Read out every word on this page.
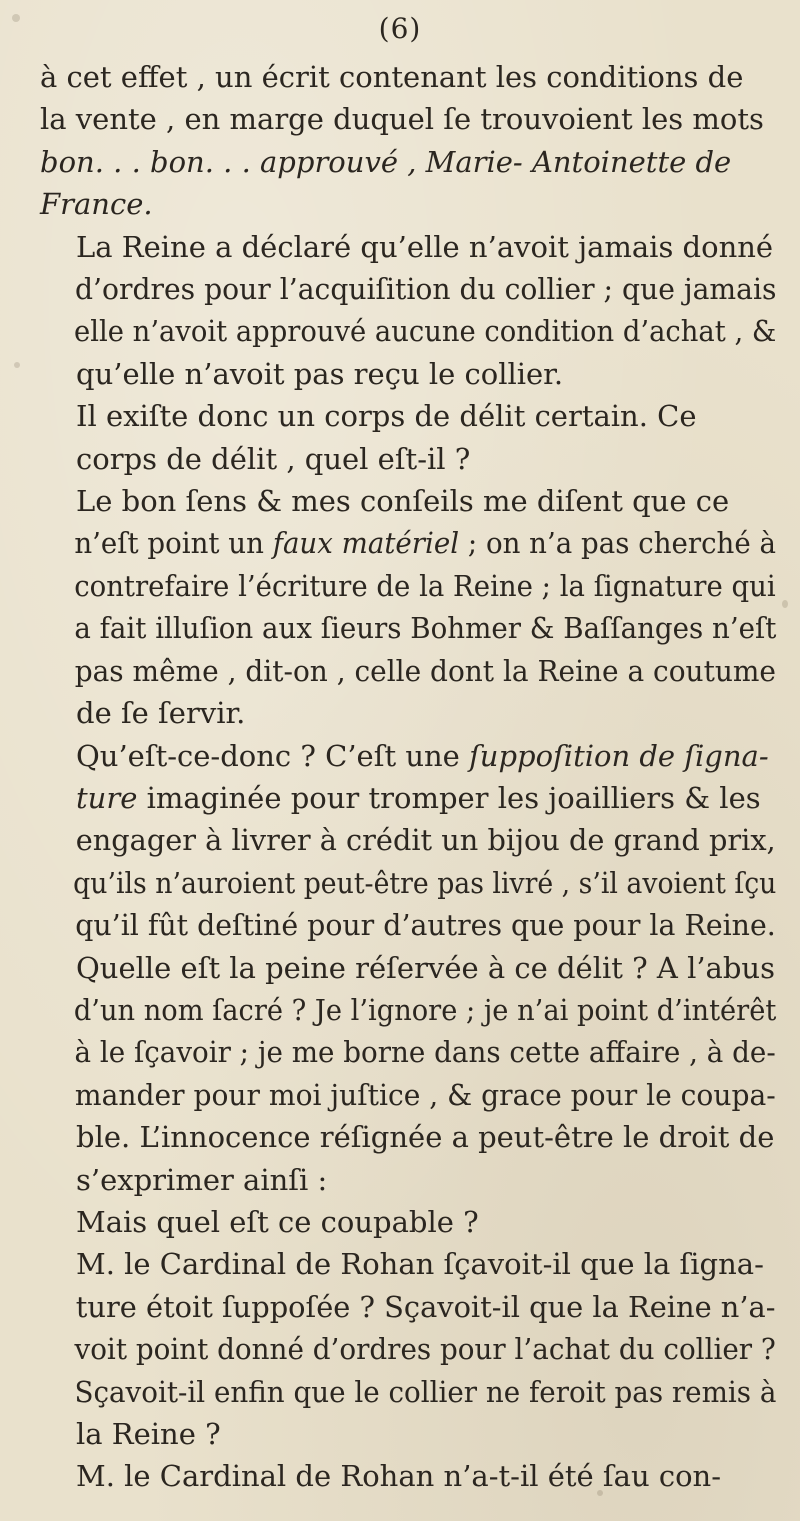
(6)

à cet effet , un écrit contenant les conditions de
la vente , en marge duquel ſe trouvoient les mots
bon. . . bon. . . approuvé , Marie- Antoinette de
France.

La Reine a déclaré qu’elle n’avoit jamais donné
d’ordres pour l’acquiſition du collier ; que jamais
elle n’avoit approuvé aucune condition d’achat , &
qu’elle n’avoit pas reçu le collier.

Il exiſte donc un corps de délit certain. Ce
corps de délit , quel eſt-il ?

Le bon ſens & mes conſeils me diſent que ce
n’eſt point un faux matériel ; on n’a pas cherché à
contrefaire l’écriture de la Reine ; la ſignature qui
a fait illuſion aux ſieurs Bohmer & Baſſanges n’eſt
pas même , dit-on , celle dont la Reine a coutume
de ſe ſervir.

Qu’eſt-ce-donc ? C’eſt une ſuppoſition de ſigna-
ture imaginée pour tromper les joailliers & les
engager à livrer à crédit un bijou de grand prix,
qu’ils n’auroient peut-être pas livré , s’il avoient ſçu
qu’il fût deſtiné pour d’autres que pour la Reine.

Quelle eſt la peine réſervée à ce délit ? A l’abus
d’un nom ſacré ? Je l’ignore ; je n’ai point d’intérêt
à le ſçavoir ; je me borne dans cette affaire , à de-
mander pour moi juſtice , & grace pour le coupa-
ble. L’innocence réſignée a peut-être le droit de
s’exprimer ainſi :

Mais quel eſt ce coupable ?

M. le Cardinal de Rohan ſçavoit-il que la ſigna-
ture étoit ſuppoſée ? Sçavoit-il que la Reine n’a-
voit point donné d’ordres pour l’achat du collier ?
Sçavoit-il enfin que le collier ne feroit pas remis à
la Reine ?

M. le Cardinal de Rohan n’a-t-il été ſau con-
